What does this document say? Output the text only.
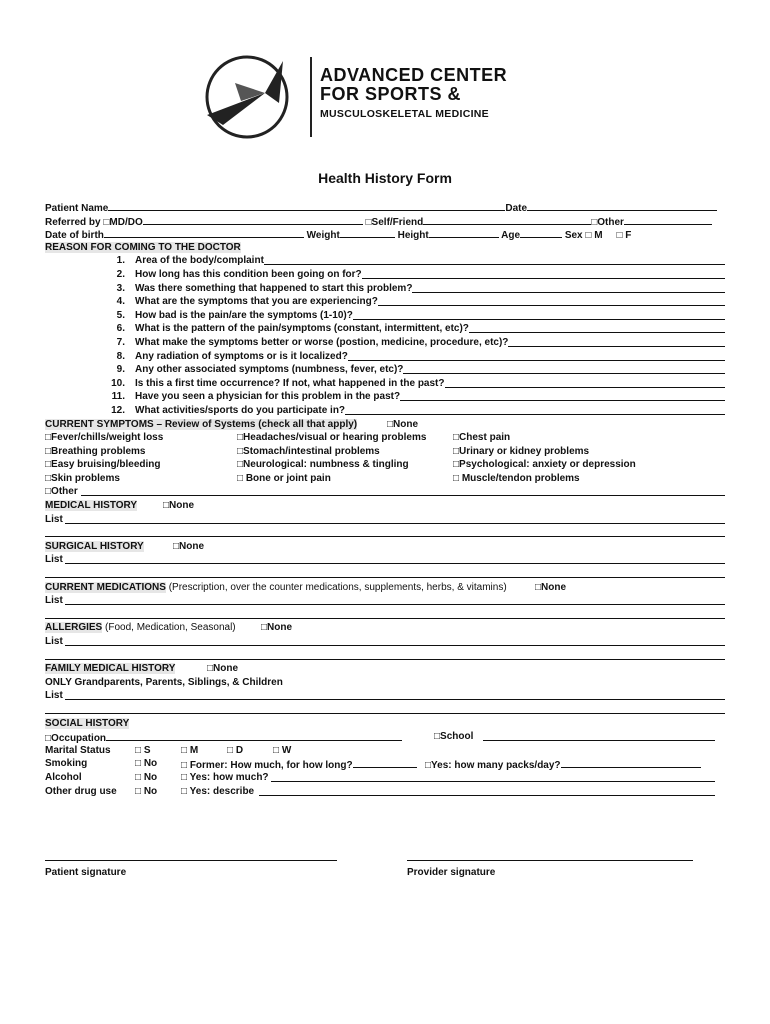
ADVANCED CENTER
FOR SPORTS &
MUSCULOSKELETAL MEDICINE
Health History Form
Patient Name	Date
Referred by □MD/DO	□Self/Friend	□Other
Date of birth	Weight	Height	Age	Sex □ M □ F
REASON FOR COMING TO THE DOCTOR
1. Area of the body/complaint
2. How long has this condition been going on for?
3. Was there something that happened to start this problem?
4. What are the symptoms that you are experiencing?
5. How bad is the pain/are the symptoms (1-10)?
6. What is the pattern of the pain/symptoms (constant, intermittent, etc)?
7. What make the symptoms better or worse (postion, medicine, procedure, etc)?
8. Any radiation of symptoms or is it localized?
9. Any other associated symptoms (numbness, fever, etc)?
10. Is this a first time occurrence? If not, what happened in the past?
11. Have you seen a physician for this problem in the past?
12. What activities/sports do you participate in?
CURRENT SYMPTOMS – Review of Systems (check all that apply)	□None
□Fever/chills/weight loss	□Headaches/visual or hearing problems	□Chest pain
□Breathing problems	□Stomach/intestinal problems	□Urinary or kidney problems
□Easy bruising/bleeding	□Neurological: numbness & tingling	□Psychological: anxiety or depression
□Skin problems	□ Bone or joint pain	□ Muscle/tendon problems
□Other
MEDICAL HISTORY	□None
List
SURGICAL HISTORY	□None
List
CURRENT MEDICATIONS (Prescription, over the counter medications, supplements, herbs, & vitamins)	□None
List
ALLERGIES (Food, Medication, Seasonal)	□None
List
FAMILY MEDICAL HISTORY	□None
ONLY Grandparents, Parents, Siblings, & Children
List
SOCIAL HISTORY
□Occupation	□School
Marital Status □ S	□ M	□ D	□ W
Smoking	□ No □ Former: How much, for how long?	□Yes: how many packs/day?
Alcohol	□ No □ Yes: how much?
Other drug use □ No □ Yes: describe
Patient signature	Provider signature
